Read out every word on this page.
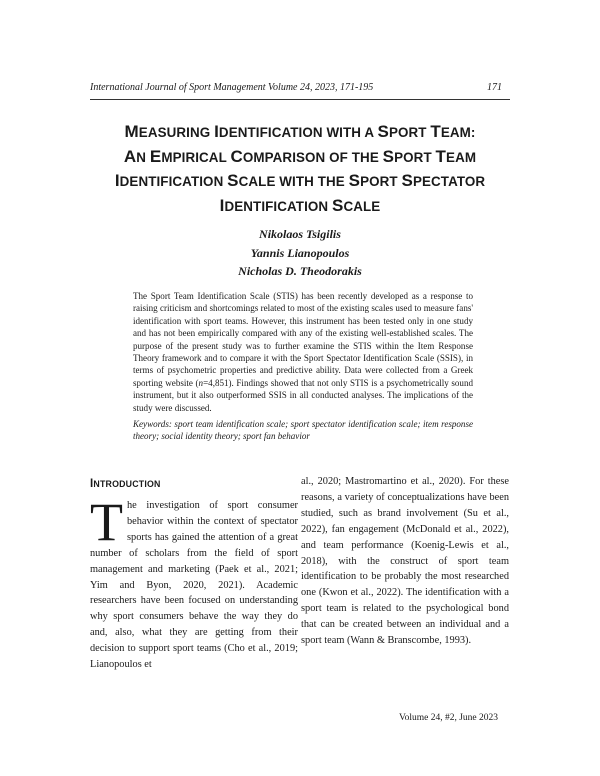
International Journal of Sport Management Volume 24, 2023, 171-195	171
MEASURING IDENTIFICATION WITH A SPORT TEAM:
AN EMPIRICAL COMPARISON OF THE SPORT TEAM
IDENTIFICATION SCALE WITH THE SPORT SPECTATOR
IDENTIFICATION SCALE
Nikolaos Tsigilis
Yannis Lianopoulos
Nicholas D. Theodorakis

The Sport Team Identification Scale (STIS) has been recently developed as a response to raising criticism and shortcomings related to most of the existing scales used to measure fans' identification with sport teams. However, this instrument has been tested only in one study and has not been empirically compared with any of the existing well-established scales. The purpose of the present study was to further examine the STIS within the Item Response Theory framework and to compare it with the Sport Spectator Identification Scale (SSIS), in terms of psychometric properties and predictive ability. Data were collected from a Greek sporting website (n=4,851). Findings showed that not only STIS is a psychometrically sound instrument, but it also outperformed SSIS in all conducted analyses. The implications of the study were discussed.

Keywords: sport team identification scale; sport spectator identification scale; item response theory; social identity theory; sport fan behavior
INTRODUCTION

The investigation of sport consumer behavior within the context of spectator sports has gained the attention of a great number of scholars from the field of sport management and marketing (Paek et al., 2021; Yim and Byon, 2020, 2021). Academic researchers have been focused on understanding why sport consumers behave the way they do and, also, what they are getting from their decision to support sport teams (Cho et al., 2019; Lianopoulos et

al., 2020; Mastromartino et al., 2020). For these reasons, a variety of conceptualizations have been studied, such as brand involvement (Su et al., 2022), fan engagement (McDonald et al., 2022), and team performance (Koenig-Lewis et al., 2018), with the construct of sport team identification to be probably the most researched one (Kwon et al., 2022). The identification with a sport team is related to the psychological bond that can be created between an individual and a sport team (Wann & Branscombe, 1993).

Volume 24, #2, June 2023
